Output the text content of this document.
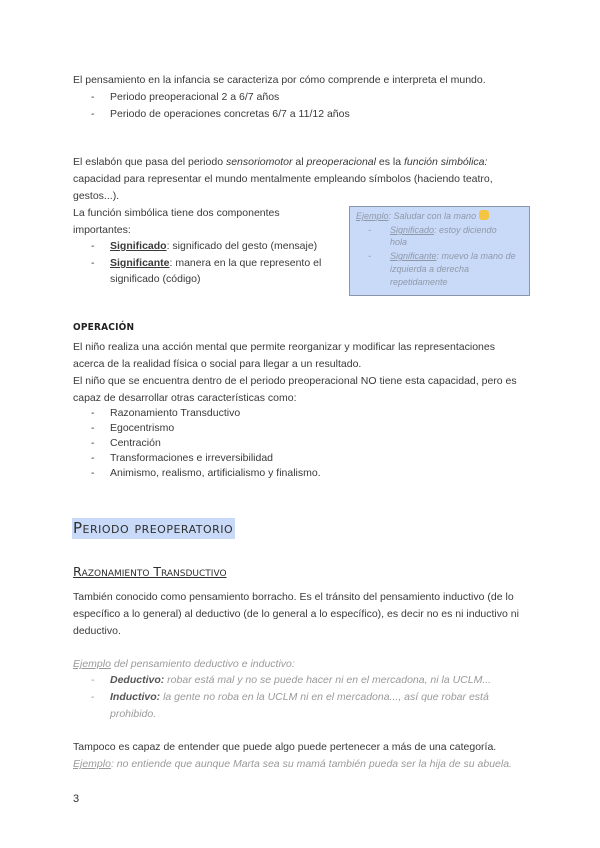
El pensamiento en la infancia se caracteriza por cómo comprende e interpreta el mundo.
- Periodo preoperacional 2 a 6/7 años
- Periodo de operaciones concretas 6/7 a 11/12 años
El eslabón que pasa del periodo sensoriomotor al preoperacional es la función simbólica:
capacidad para representar el mundo mentalmente empleando símbolos (haciendo teatro,
gestos...).
La función simbólica tiene dos componentes
importantes:
- Significado: significado del gesto (mensaje)
- Significante: manera en la que represento el
significado (código)
Ejemplo: Saludar con la mano
- Significado: estoy diciendo
hola
- Significante: muevo la mano de
izquierda a derecha
repetidamente
OPERACIÓN
El niño realiza una acción mental que permite reorganizar y modificar las representaciones
acerca de la realidad física o social para llegar a un resultado.
El niño que se encuentra dentro de el periodo preoperacional NO tiene esta capacidad, pero es
capaz de desarrollar otras características como:
- Razonamiento Transductivo
- Egocentrismo
- Centración
- Transformaciones e irreversibilidad
- Animismo, realismo, artificialismo y finalismo.
Periodo preoperatorio
Razonamiento Transductivo
También conocido como pensamiento borracho. Es el tránsito del pensamiento inductivo (de lo
específico a lo general) al deductivo (de lo general a lo específico), es decir no es ni inductivo ni
deductivo.
Ejemplo del pensamiento deductivo e inductivo:
- Deductivo: robar está mal y no se puede hacer ni en el mercadona, ni la UCLM...
- Inductivo: la gente no roba en la UCLM ni en el mercadona..., así que robar está
prohibido.
Tampoco es capaz de entender que puede algo puede pertenecer a más de una categoría.
Ejemplo: no entiende que aunque Marta sea su mamá también pueda ser la hija de su abuela.
3
